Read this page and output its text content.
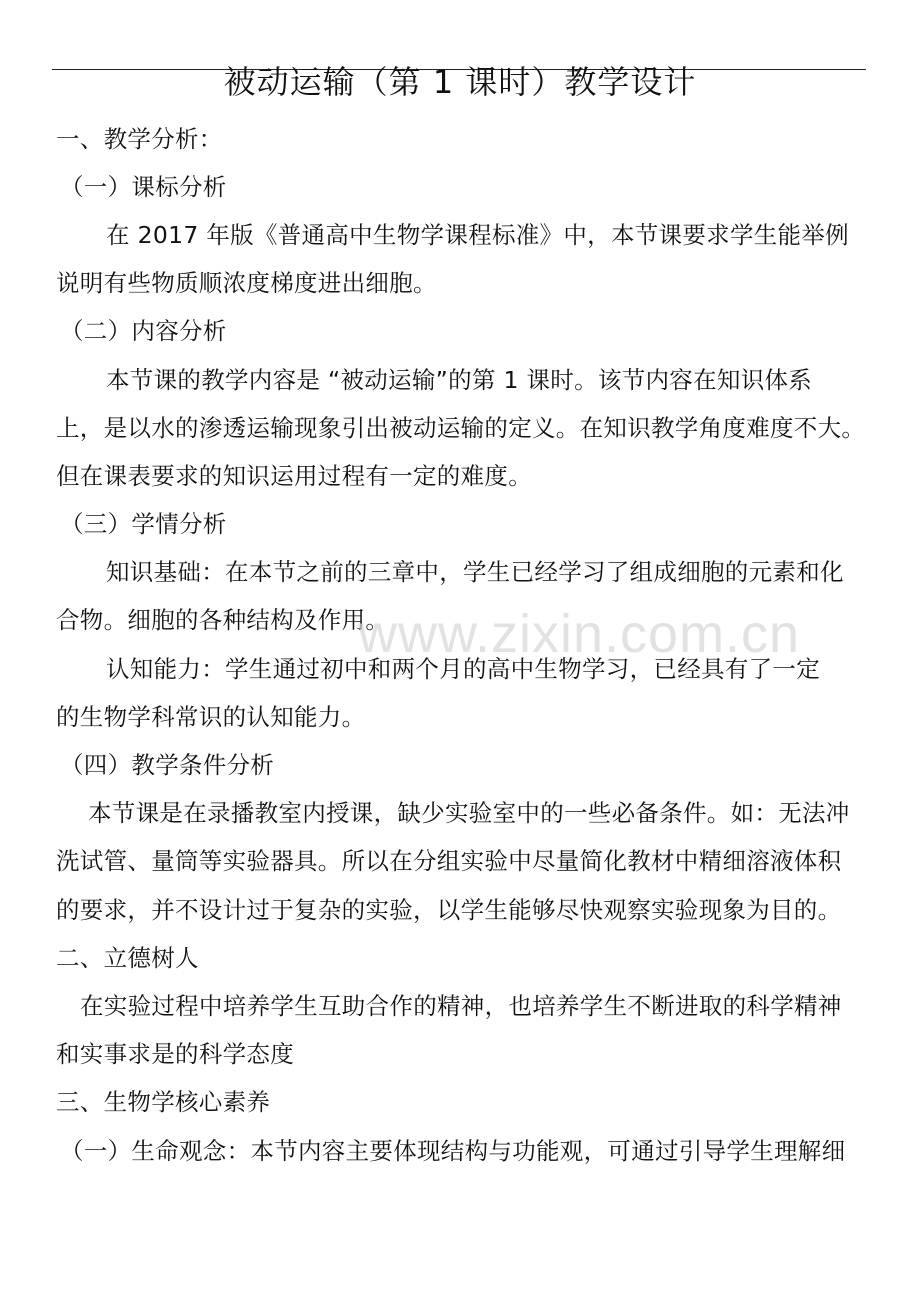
被动运输（第 1 课时）教学设计
一、教学分析：
（一）课标分析
在 2017 年版《普通高中生物学课程标准》中，本节课要求学生能举例
说明有些物质顺浓度梯度进出细胞。
（二）内容分析
本节课的教学内容是 “被动运输”的第 1 课时。该节内容在知识体系
上，是以水的渗透运输现象引出被动运输的定义。在知识教学角度难度不大。
但在课表要求的知识运用过程有一定的难度。
（三）学情分析
知识基础：在本节之前的三章中，学生已经学习了组成细胞的元素和化
合物。细胞的各种结构及作用。
认知能力：学生通过初中和两个月的高中生物学习，已经具有了一定
的生物学科常识的认知能力。
（四）教学条件分析
本节课是在录播教室内授课，缺少实验室中的一些必备条件。如：无法冲
洗试管、量筒等实验器具。所以在分组实验中尽量简化教材中精细溶液体积
的要求，并不设计过于复杂的实验，以学生能够尽快观察实验现象为目的。
二、立德树人
在实验过程中培养学生互助合作的精神，也培养学生不断进取的科学精神
和实事求是的科学态度
三、生物学核心素养
（一）生命观念：本节内容主要体现结构与功能观，可通过引导学生理解细
www.zixin.com.cn
